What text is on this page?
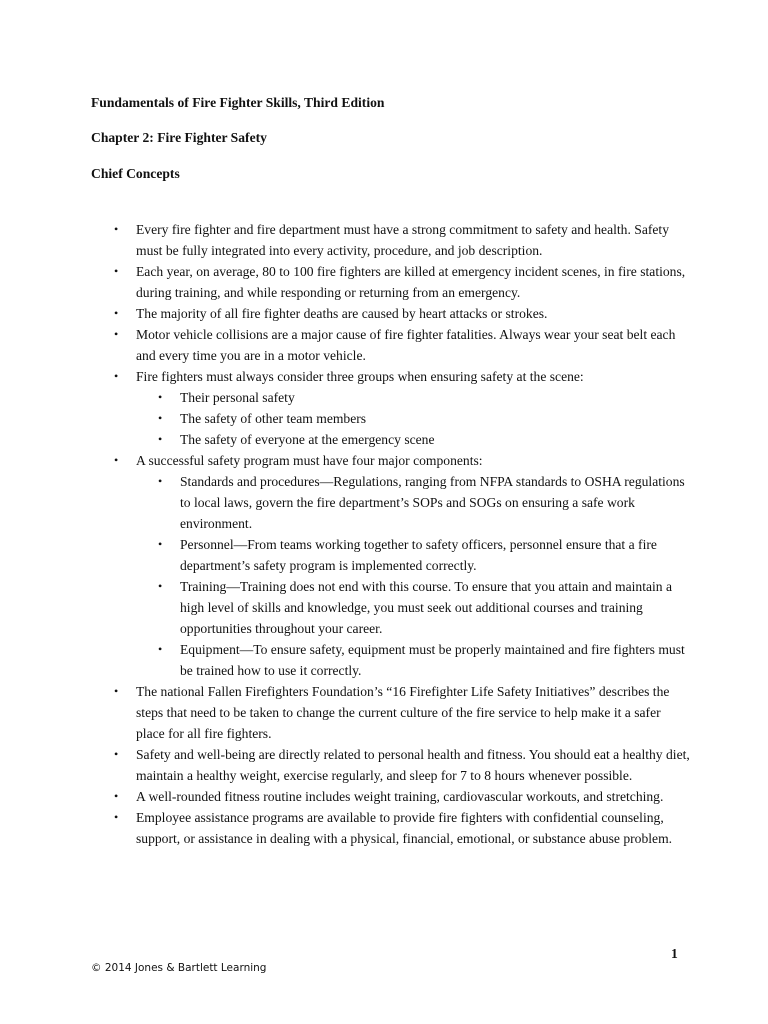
Fundamentals of Fire Fighter Skills, Third Edition
Chapter 2: Fire Fighter Safety
Chief Concepts
• Every fire fighter and fire department must have a strong commitment to safety and health. Safety must be fully integrated into every activity, procedure, and job description.
• Each year, on average, 80 to 100 fire fighters are killed at emergency incident scenes, in fire stations, during training, and while responding or returning from an emergency.
• The majority of all fire fighter deaths are caused by heart attacks or strokes.
• Motor vehicle collisions are a major cause of fire fighter fatalities. Always wear your seat belt each and every time you are in a motor vehicle.
• Fire fighters must always consider three groups when ensuring safety at the scene:
• Their personal safety
• The safety of other team members
• The safety of everyone at the emergency scene
• A successful safety program must have four major components:
• Standards and procedures—Regulations, ranging from NFPA standards to OSHA regulations to local laws, govern the fire department’s SOPs and SOGs on ensuring a safe work environment.
• Personnel—From teams working together to safety officers, personnel ensure that a fire department’s safety program is implemented correctly.
• Training—Training does not end with this course. To ensure that you attain and maintain a high level of skills and knowledge, you must seek out additional courses and training opportunities throughout your career.
• Equipment—To ensure safety, equipment must be properly maintained and fire fighters must be trained how to use it correctly.
• The national Fallen Firefighters Foundation’s “16 Firefighter Life Safety Initiatives” describes the steps that need to be taken to change the current culture of the fire service to help make it a safer place for all fire fighters.
• Safety and well-being are directly related to personal health and fitness. You should eat a healthy diet, maintain a healthy weight, exercise regularly, and sleep for 7 to 8 hours whenever possible.
• A well-rounded fitness routine includes weight training, cardiovascular workouts, and stretching.
• Employee assistance programs are available to provide fire fighters with confidential counseling, support, or assistance in dealing with a physical, financial, emotional, or substance abuse problem.
1
© 2014 Jones & Bartlett Learning
